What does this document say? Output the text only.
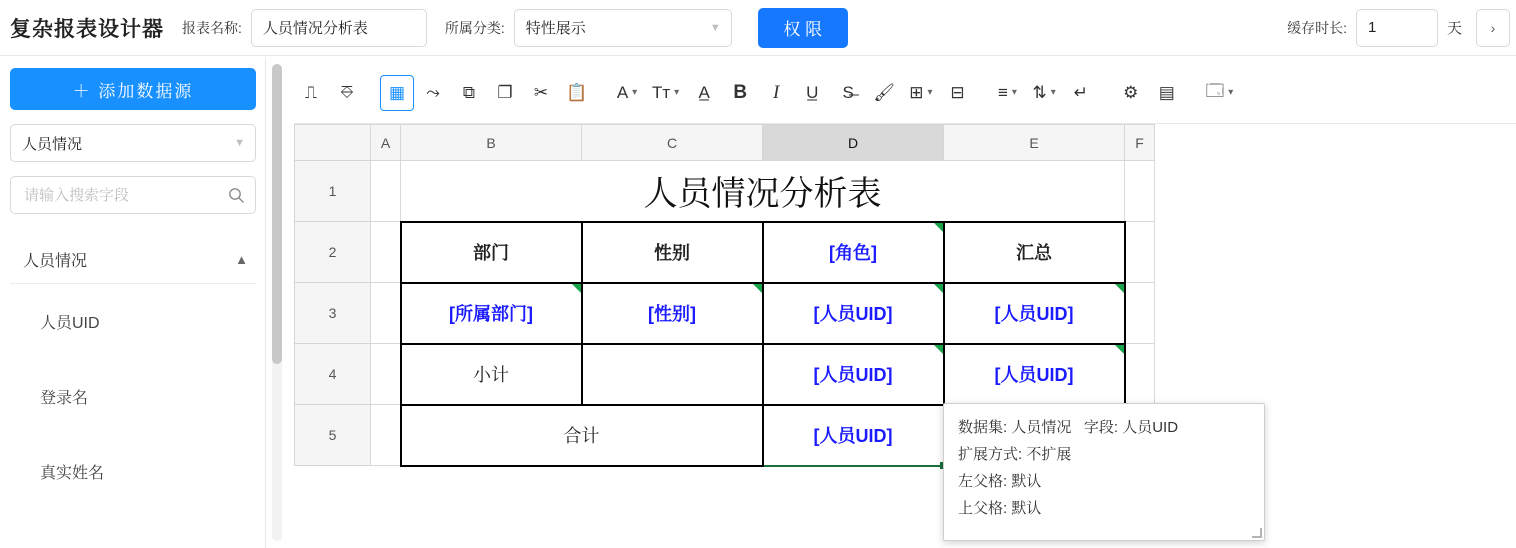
复杂报表设计器 报表名称:
人员情况分析表	所属分类: 特性展示	▼	权 限	缓存时长:
1	天 ›
＋ 添加数据源
人员情况	▼
请输入搜索字段
人员情况	▲
人员UID
登录名
真实姓名
⎍ ⎑ ▦ ⤳ ⧉ ❐ ✂ 📋 A ▾ Tт ▾ A̲ B I U̲ S̶ 🖌 ⊞ ▾ ⊟ ≡ ▾ ⇅ ▾ ↵ ⚙ ▤ 🗔 ▾
	A	B	C	D	E	F
1		人员情况分析表				
2		部门	性别	[角色]	汇总	
3		[所属部门]	[性别]	[人员UID]	[人员UID]	
4		小计		[人员UID]	[人员UID]	
5		合计		[人员UID]
			数据集: 人员情况 字段: 人员UID
扩展方式: 不扩展
左父格: 默认
上父格: 默认
